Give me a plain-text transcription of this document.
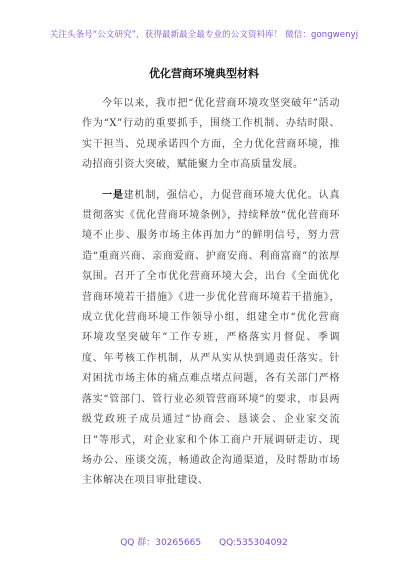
关注头条号“公文研究”，获得最新最全最专业的公文资料库！ 微信：gongwenyj
优化营商环境典型材料

今年以来，我市把“优化营商环境攻坚突破年”活动作为“X”行动的重要抓手，围绕工作机制、办结时限、实干担当、兑现承诺四个方面，全力优化营商环境，推动招商引资大突破，赋能聚力全市高质量发展。

一是建机制，强信心，力促营商环境大优化。认真贯彻落实《优化营商环境条例》，持续释放“优化营商环境不止步、服务市场主体再加力”的鲜明信号，努力营造“重商兴商、亲商爱商、护商安商、利商富商”的浓厚氛围。召开了全市优化营商环境大会，出台《全面优化营商环境若干措施》《进一步优化营商环境若干措施》，成立优化营商环境工作领导小组，组建全市“优化营商环境攻坚突破年”工作专班，严格落实月督促、季调度、年考核工作机制，从严从实从快到通责任落实。针对困扰市场主体的痛点难点堵点问题，各有关部门严格落实“管部门、管行业必须管营商环境”的要求，市县两级党政班子成员通过“协商会、恳谈会、企业家交流日”等形式，对企业家和个体工商户开展调研走访、现场办公、座谈交流，畅通政企沟通渠道，及时帮助市场主体解决在项目审批建设、

QQ 群：30265665 QQ:535304092
